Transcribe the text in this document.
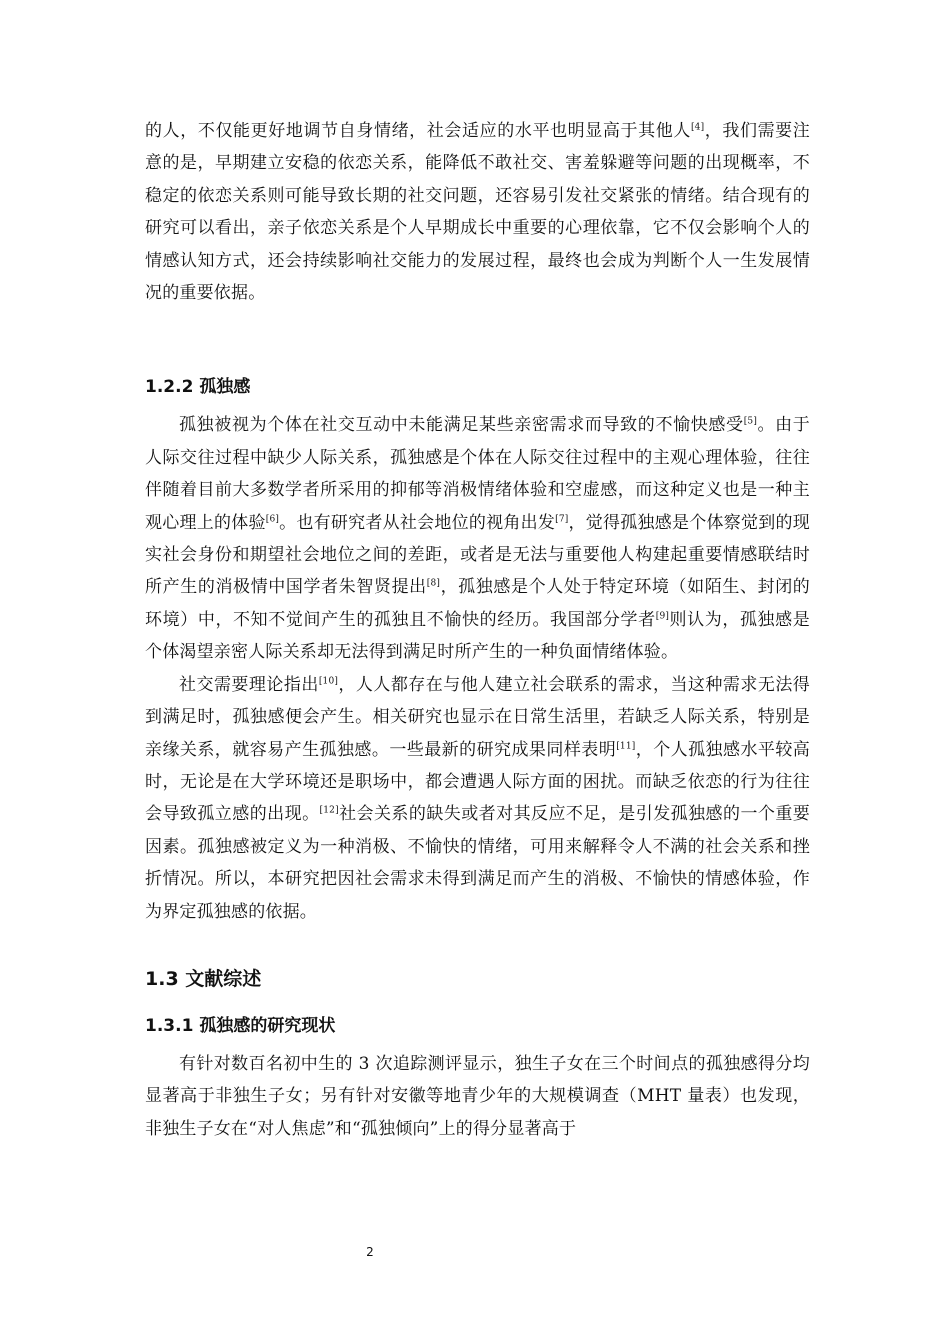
的人，不仅能更好地调节自身情绪，社会适应的水平也明显高于其他人[4]，我们需要注意的是，早期建立安稳的依恋关系，能降低不敢社交、害羞躲避等问题的出现概率，不稳定的依恋关系则可能导致长期的社交问题，还容易引发社交紧张的情绪。结合现有的研究可以看出，亲子依恋关系是个人早期成长中重要的心理依靠，它不仅会影响个人的情感认知方式，还会持续影响社交能力的发展过程，最终也会成为判断个人一生发展情况的重要依据。

1.2.2 孤独感

孤独被视为个体在社交互动中未能满足某些亲密需求而导致的不愉快感受[5]。由于人际交往过程中缺少人际关系，孤独感是个体在人际交往过程中的主观心理体验，往往伴随着目前大多数学者所采用的抑郁等消极情绪体验和空虚感，而这种定义也是一种主观心理上的体验[6]。也有研究者从社会地位的视角出发[7]，觉得孤独感是个体察觉到的现实社会身份和期望社会地位之间的差距，或者是无法与重要他人构建起重要情感联结时所产生的消极情中国学者朱智贤提出[8]，孤独感是个人处于特定环境（如陌生、封闭的环境）中，不知不觉间产生的孤独且不愉快的经历。我国部分学者[9]则认为，孤独感是个体渴望亲密人际关系却无法得到满足时所产生的一种负面情绪体验。

社交需要理论指出[10]，人人都存在与他人建立社会联系的需求，当这种需求无法得到满足时，孤独感便会产生。相关研究也显示在日常生活里，若缺乏人际关系，特别是亲缘关系，就容易产生孤独感。一些最新的研究成果同样表明[11]，个人孤独感水平较高时，无论是在大学环境还是职场中，都会遭遇人际方面的困扰。而缺乏依恋的行为往往会导致孤立感的出现。[12]社会关系的缺失或者对其反应不足，是引发孤独感的一个重要因素。孤独感被定义为一种消极、不愉快的情绪，可用来解释令人不满的社会关系和挫折情况。所以，本研究把因社会需求未得到满足而产生的消极、不愉快的情感体验，作为界定孤独感的依据。

1.3 文献综述
1.3.1 孤独感的研究现状

有针对数百名初中生的 3 次追踪测评显示，独生子女在三个时间点的孤独感得分均显著高于非独生子女；另有针对安徽等地青少年的大规模调查（MHT 量表）也发现，非独生子女在“对人焦虑”和“孤独倾向”上的得分显著高于

2
